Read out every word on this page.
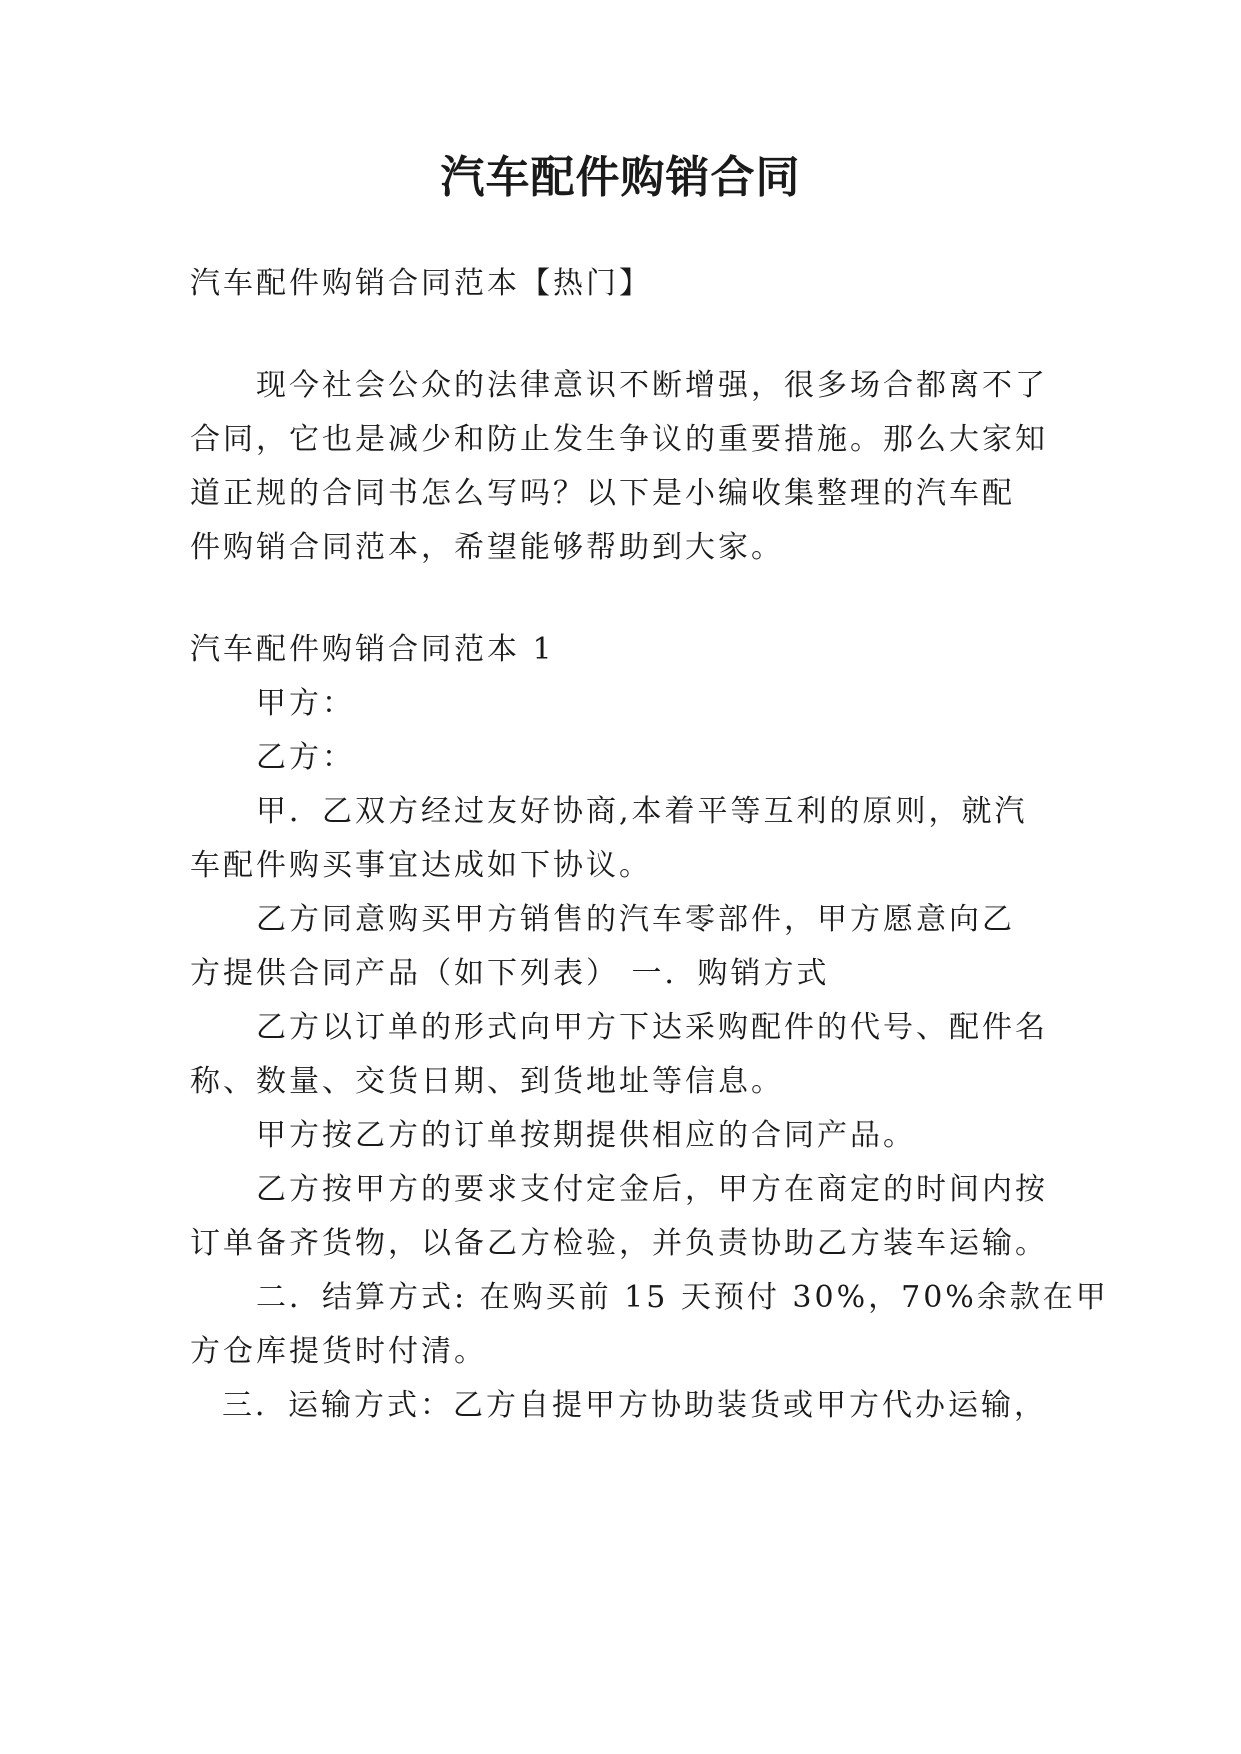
汽车配件购销合同
汽车配件购销合同范本【热门】
现今社会公众的法律意识不断增强，很多场合都离不了
合同，它也是减少和防止发生争议的重要措施。那么大家知
道正规的合同书怎么写吗？以下是小编收集整理的汽车配
件购销合同范本，希望能够帮助到大家。
汽车配件购销合同范本 1
甲方：
乙方：
甲．乙双方经过友好协商,本着平等互利的原则，就汽
车配件购买事宜达成如下协议。
乙方同意购买甲方销售的汽车零部件，甲方愿意向乙
方提供合同产品（如下列表） 一．购销方式
乙方以订单的形式向甲方下达采购配件的代号、配件名
称、数量、交货日期、到货地址等信息。
甲方按乙方的订单按期提供相应的合同产品。
乙方按甲方的要求支付定金后，甲方在商定的时间内按
订单备齐货物，以备乙方检验，并负责协助乙方装车运输。
二．结算方式: 在购买前 15 天预付 30%，70%余款在甲
方仓库提货时付清。
三．运输方式：乙方自提甲方协助装货或甲方代办运输，
